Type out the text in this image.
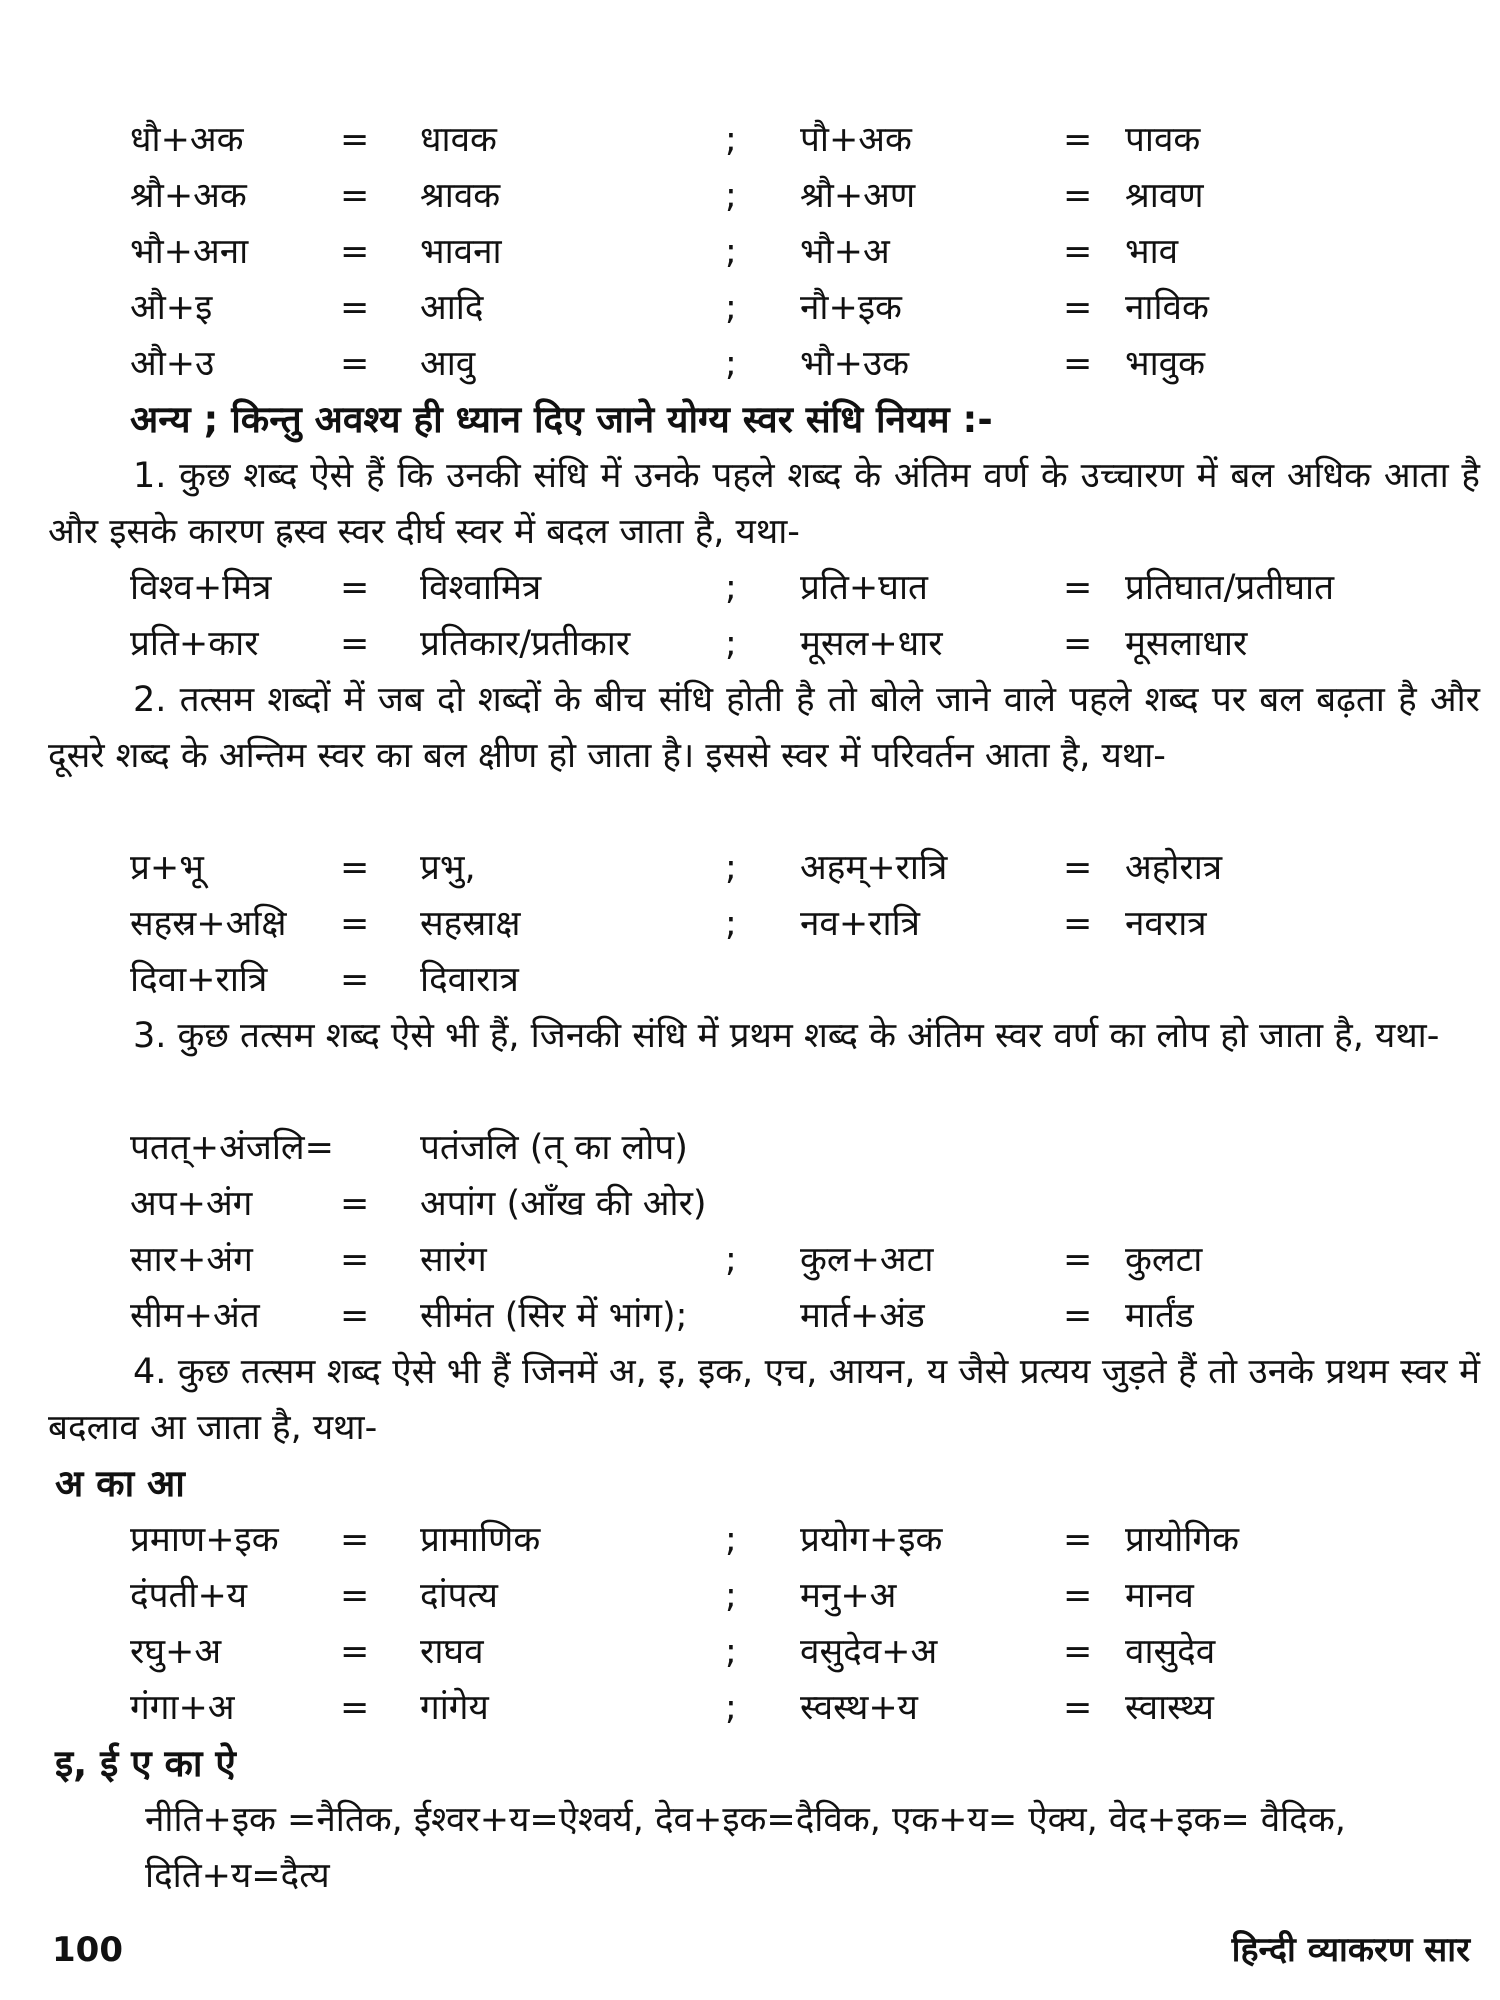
धौ+अक	= धावक	; पौ+अक	= पावक
श्रौ+अक	= श्रावक	; श्रौ+अण	= श्रावण
भौ+अना	= भावना	; भौ+अ	= भाव
औ+इ	= आदि	; नौ+इक	= नाविक
औ+उ	= आवु	; भौ+उक	= भावुक
अन्य ; किन्तु अवश्य ही ध्यान दिए जाने योग्य स्वर संधि नियम :-
1. कुछ शब्द ऐसे हैं कि उनकी संधि में उनके पहले शब्द के अंतिम वर्ण के उच्चारण में बल अधिक आता है और इसके कारण ह्रस्व स्वर दीर्घ स्वर में बदल जाता है, यथा-
विश्व+मित्र = विश्वामित्र	; प्रति+घात	= प्रतिघात/प्रतीघात
प्रति+कार = प्रतिकार/प्रतीकार	; मूसल+धार	= मूसलाधार
2. तत्सम शब्दों में जब दो शब्दों के बीच संधि होती है तो बोले जाने वाले पहले शब्द पर बल बढ़ता है और दूसरे शब्द के अन्तिम स्वर का बल क्षीण हो जाता है। इससे स्वर में परिवर्तन आता है, यथा-
प्र+भू	= प्रभु,	; अहम्+रात्रि	= अहोरात्र
सहस्र+अक्षि = सहस्राक्ष	; नव+रात्रि	= नवरात्र
दिवा+रात्रि = दिवारात्र
3. कुछ तत्सम शब्द ऐसे भी हैं, जिनकी संधि में प्रथम शब्द के अंतिम स्वर वर्ण का लोप हो जाता है, यथा-
पतत्+अंजलि= पतंजलि (त् का लोप)
अप+अंग	= अपांग (आँख की ओर)
सार+अंग = सारंग	; कुल+अटा	= कुलटा
सीम+अंत = सीमंत (सिर में भांग);	मार्त+अंड	= मार्तंड
4. कुछ तत्सम शब्द ऐसे भी हैं जिनमें अ, इ, इक, एच, आयन, य जैसे प्रत्यय जुड़ते हैं तो उनके प्रथम स्वर में बदलाव आ जाता है, यथा-
अ का आ
प्रमाण+इक = प्रामाणिक	; प्रयोग+इक	= प्रायोगिक
दंपती+य	= दांपत्य	; मनु+अ	= मानव
रघु+अ	= राघव	; वसुदेव+अ	= वासुदेव
गंगा+अ	= गांगेय	; स्वस्थ+य	= स्वास्थ्य
इ, ई ए का ऐ
नीति+इक =नैतिक, ईश्वर+य=ऐश्वर्य, देव+इक=दैविक, एक+य= ऐक्य, वेद+इक= वैदिक, दिति+य=दैत्य
100	हिन्दी व्याकरण सार
